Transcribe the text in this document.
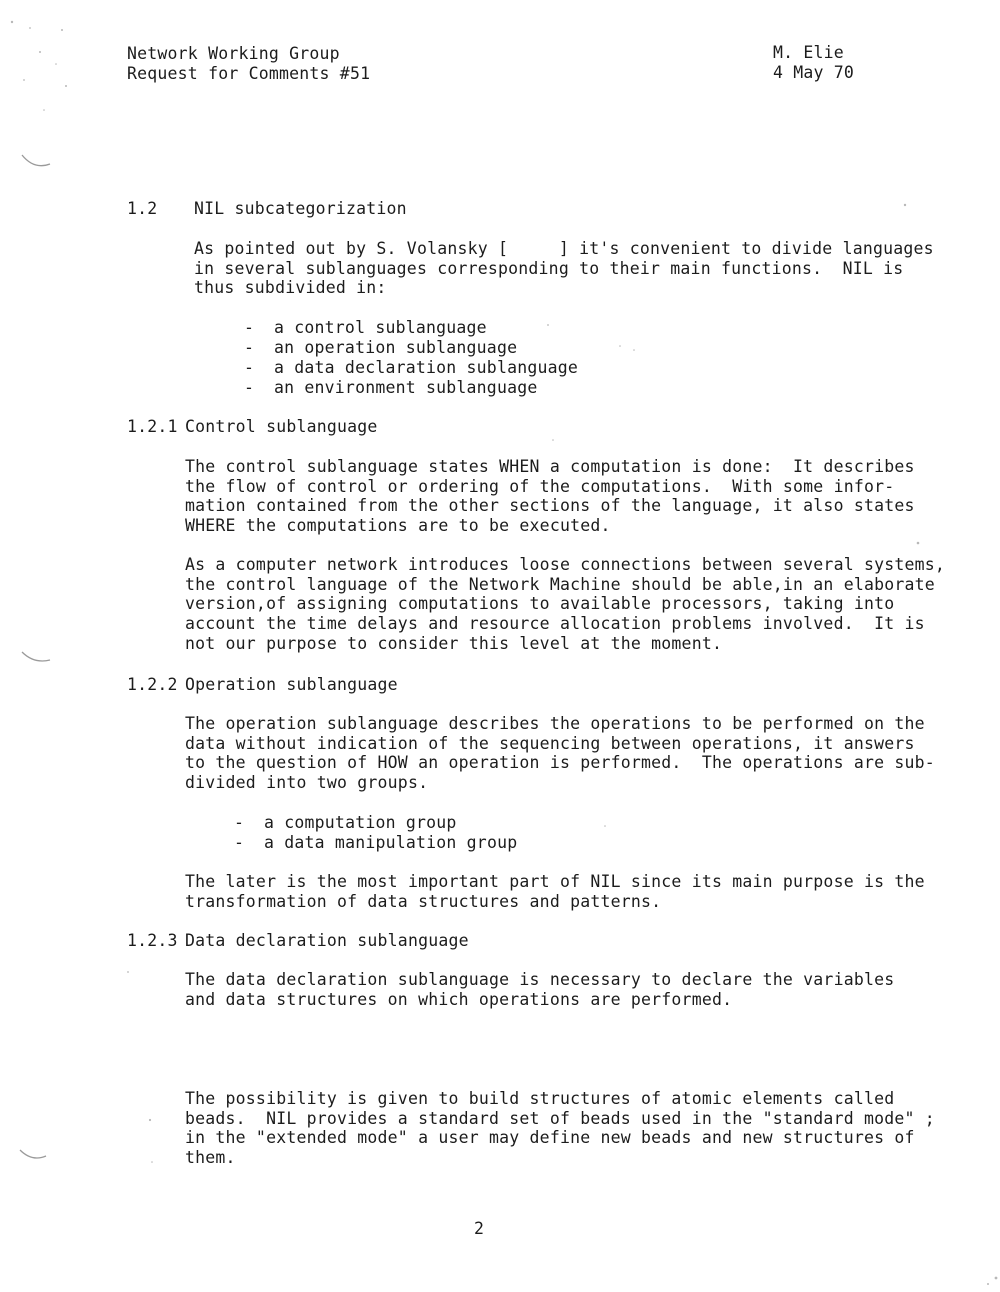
Network Working Group
Request for Comments #51
M. Elie
4 May 70
1.2 NIL subcategorization
As pointed out by S. Volansky [     ] it's convenient to divide languages
in several sublanguages corresponding to their main functions.  NIL is
thus subdivided in:
- a control sublanguage
- an operation sublanguage
- a data declaration sublanguage
- an environment sublanguage
1.2.1 Control sublanguage
The control sublanguage states WHEN a computation is done:  It describes
the flow of control or ordering of the computations.  With some infor-
mation contained from the other sections of the language, it also states
WHERE the computations are to be executed.
As a computer network introduces loose connections between several systems,
the control language of the Network Machine should be able,in an elaborate
version,of assigning computations to available processors, taking into
account the time delays and resource allocation problems involved.  It is
not our purpose to consider this level at the moment.
1.2.2 Operation sublanguage
The operation sublanguage describes the operations to be performed on the
data without indication of the sequencing between operations, it answers
to the question of HOW an operation is performed.  The operations are sub-
divided into two groups.
- a computation group
- a data manipulation group
The later is the most important part of NIL since its main purpose is the
transformation of data structures and patterns.
1.2.3 Data declaration sublanguage
The data declaration sublanguage is necessary to declare the variables
and data structures on which operations are performed.
The possibility is given to build structures of atomic elements called
beads.  NIL provides a standard set of beads used in the "standard mode" ;
in the "extended mode" a user may define new beads and new structures of
them.
2
